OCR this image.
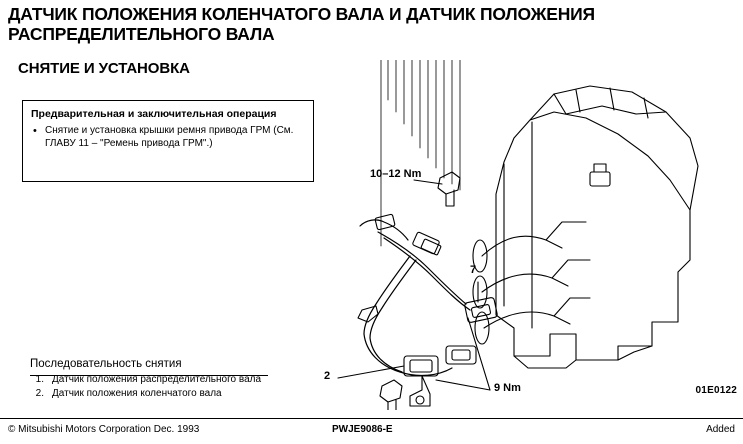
ДАТЧИК ПОЛОЖЕНИЯ КОЛЕНЧАТОГО ВАЛА И ДАТЧИК ПОЛОЖЕНИЯ РАСПРЕДЕЛИТЕЛЬНОГО ВАЛА
СНЯТИЕ И УСТАНОВКА
Предварительная и заключительная операция
• Снятие и установка крышки ремня привода ГРМ (См. ГЛАВУ 11 – "Ремень привода ГРМ".)
Последовательность снятия
1. Датчик положения распределительного вала
2. Датчик положения коленчатого вала
10–12 Nm
7
2
9 Nm	01E0122
© Mitsubishi Motors Corporation Dec. 1993	PWJE9086-E	Added
